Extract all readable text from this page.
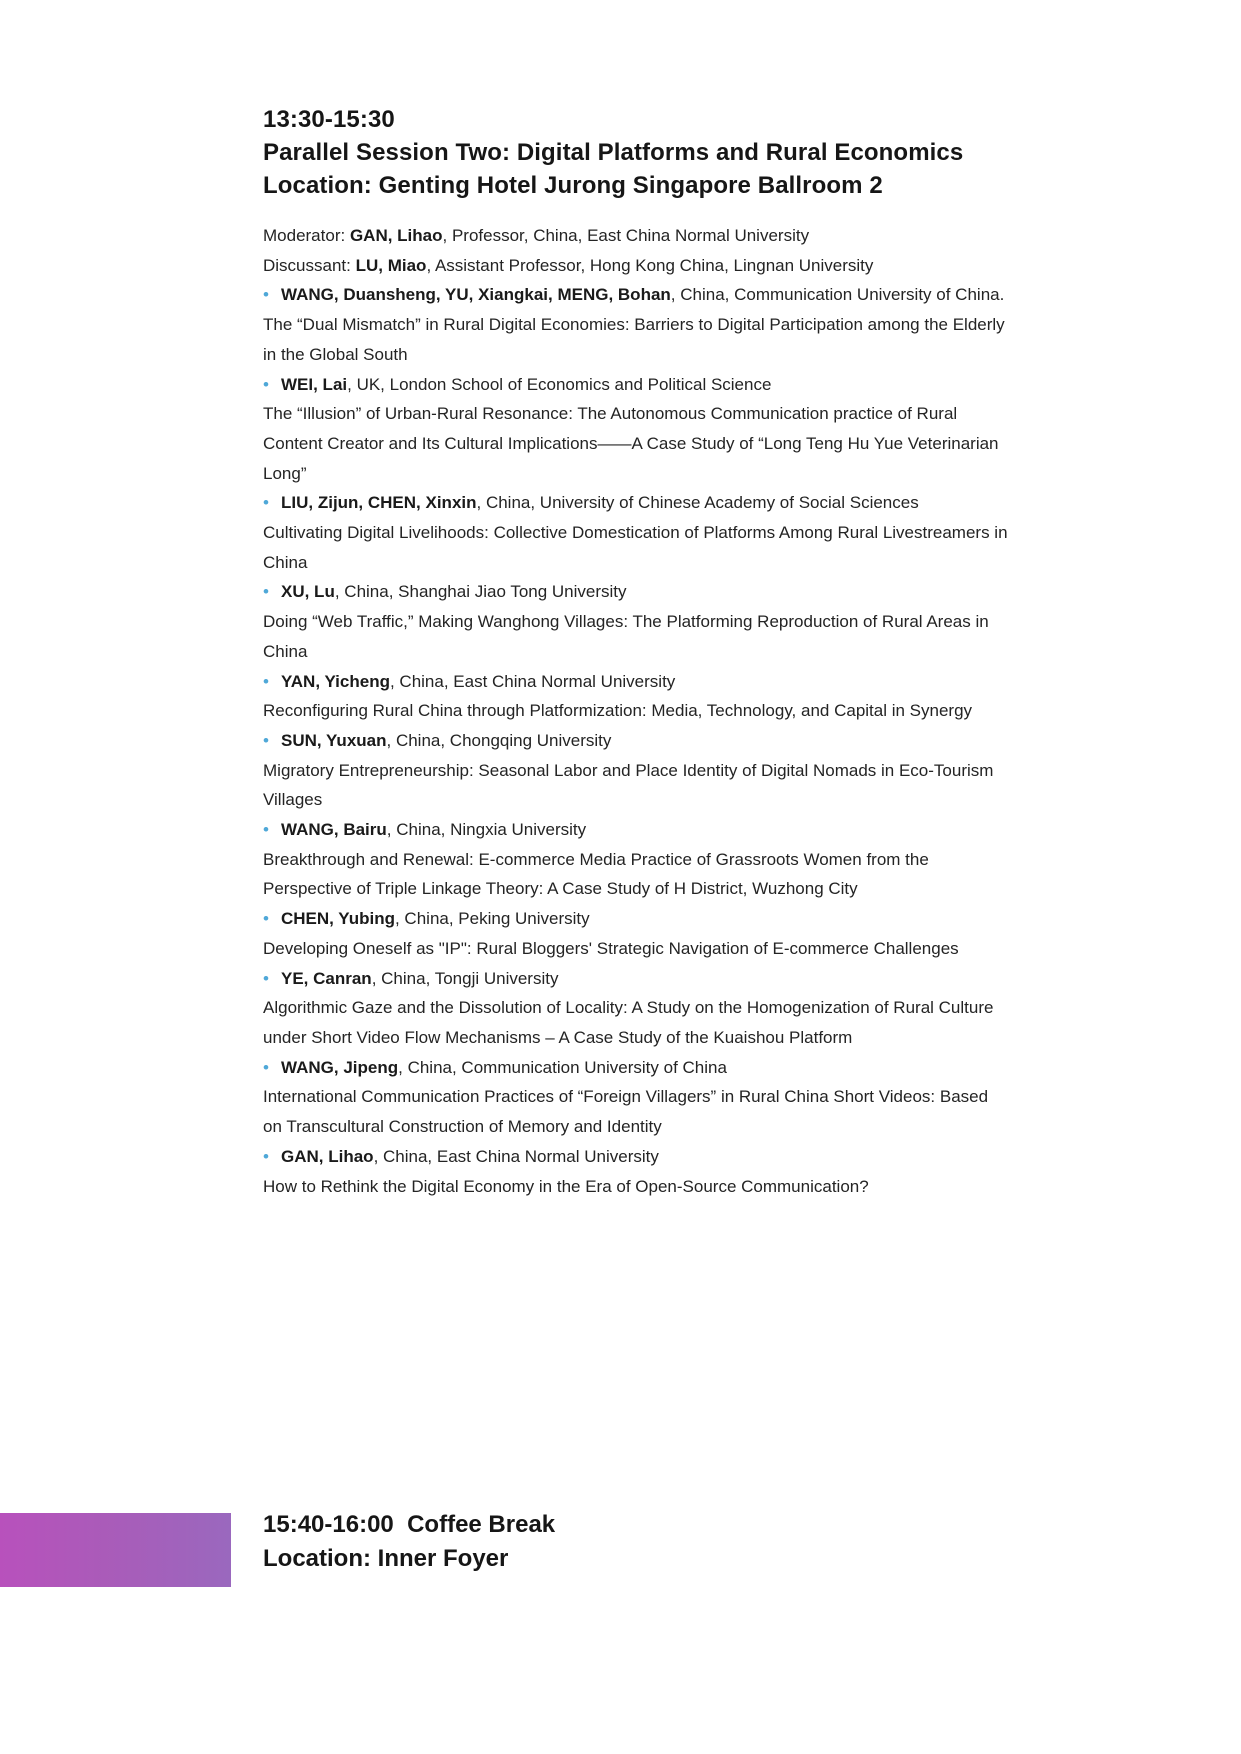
13:30-15:30
Parallel Session Two: Digital Platforms and Rural Economics
Location: Genting Hotel Jurong Singapore Ballroom 2

Moderator: GAN, Lihao, Professor, China, East China Normal University

Discussant: LU, Miao, Assistant Professor, Hong Kong China, Lingnan University

• WANG, Duansheng, YU, Xiangkai, MENG, Bohan, China, Communication University of China.

The “Dual Mismatch” in Rural Digital Economies: Barriers to Digital Participation among the Elderly in the Global South

• WEI, Lai, UK, London School of Economics and Political Science

The “Illusion” of Urban-Rural Resonance: The Autonomous Communication practice of Rural Content Creator and Its Cultural Implications——A Case Study of “Long Teng Hu Yue Veterinarian Long”

• LIU, Zijun, CHEN, Xinxin, China, University of Chinese Academy of Social Sciences

Cultivating Digital Livelihoods: Collective Domestication of Platforms Among Rural Livestreamers in China

• XU, Lu, China, Shanghai Jiao Tong University

Doing “Web Traffic,” Making Wanghong Villages: The Platforming Reproduction of Rural Areas in China

• YAN, Yicheng, China, East China Normal University

Reconfiguring Rural China through Platformization: Media, Technology, and Capital in Synergy

• SUN, Yuxuan, China, Chongqing University

Migratory Entrepreneurship: Seasonal Labor and Place Identity of Digital Nomads in Eco-Tourism Villages

• WANG, Bairu, China, Ningxia University

Breakthrough and Renewal: E-commerce Media Practice of Grassroots Women from the Perspective of Triple Linkage Theory: A Case Study of H District, Wuzhong City

• CHEN, Yubing, China, Peking University

Developing Oneself as "IP": Rural Bloggers' Strategic Navigation of E-commerce Challenges

• YE, Canran, China, Tongji University

Algorithmic Gaze and the Dissolution of Locality: A Study on the Homogenization of Rural Culture under Short Video Flow Mechanisms – A Case Study of the Kuaishou Platform

• WANG, Jipeng, China, Communication University of China

International Communication Practices of “Foreign Villagers” in Rural China Short Videos: Based on Transcultural Construction of Memory and Identity

• GAN, Lihao, China, East China Normal University

How to Rethink the Digital Economy in the Era of Open-Source Communication?

15:40-16:00  Coffee Break
Location: Inner Foyer
